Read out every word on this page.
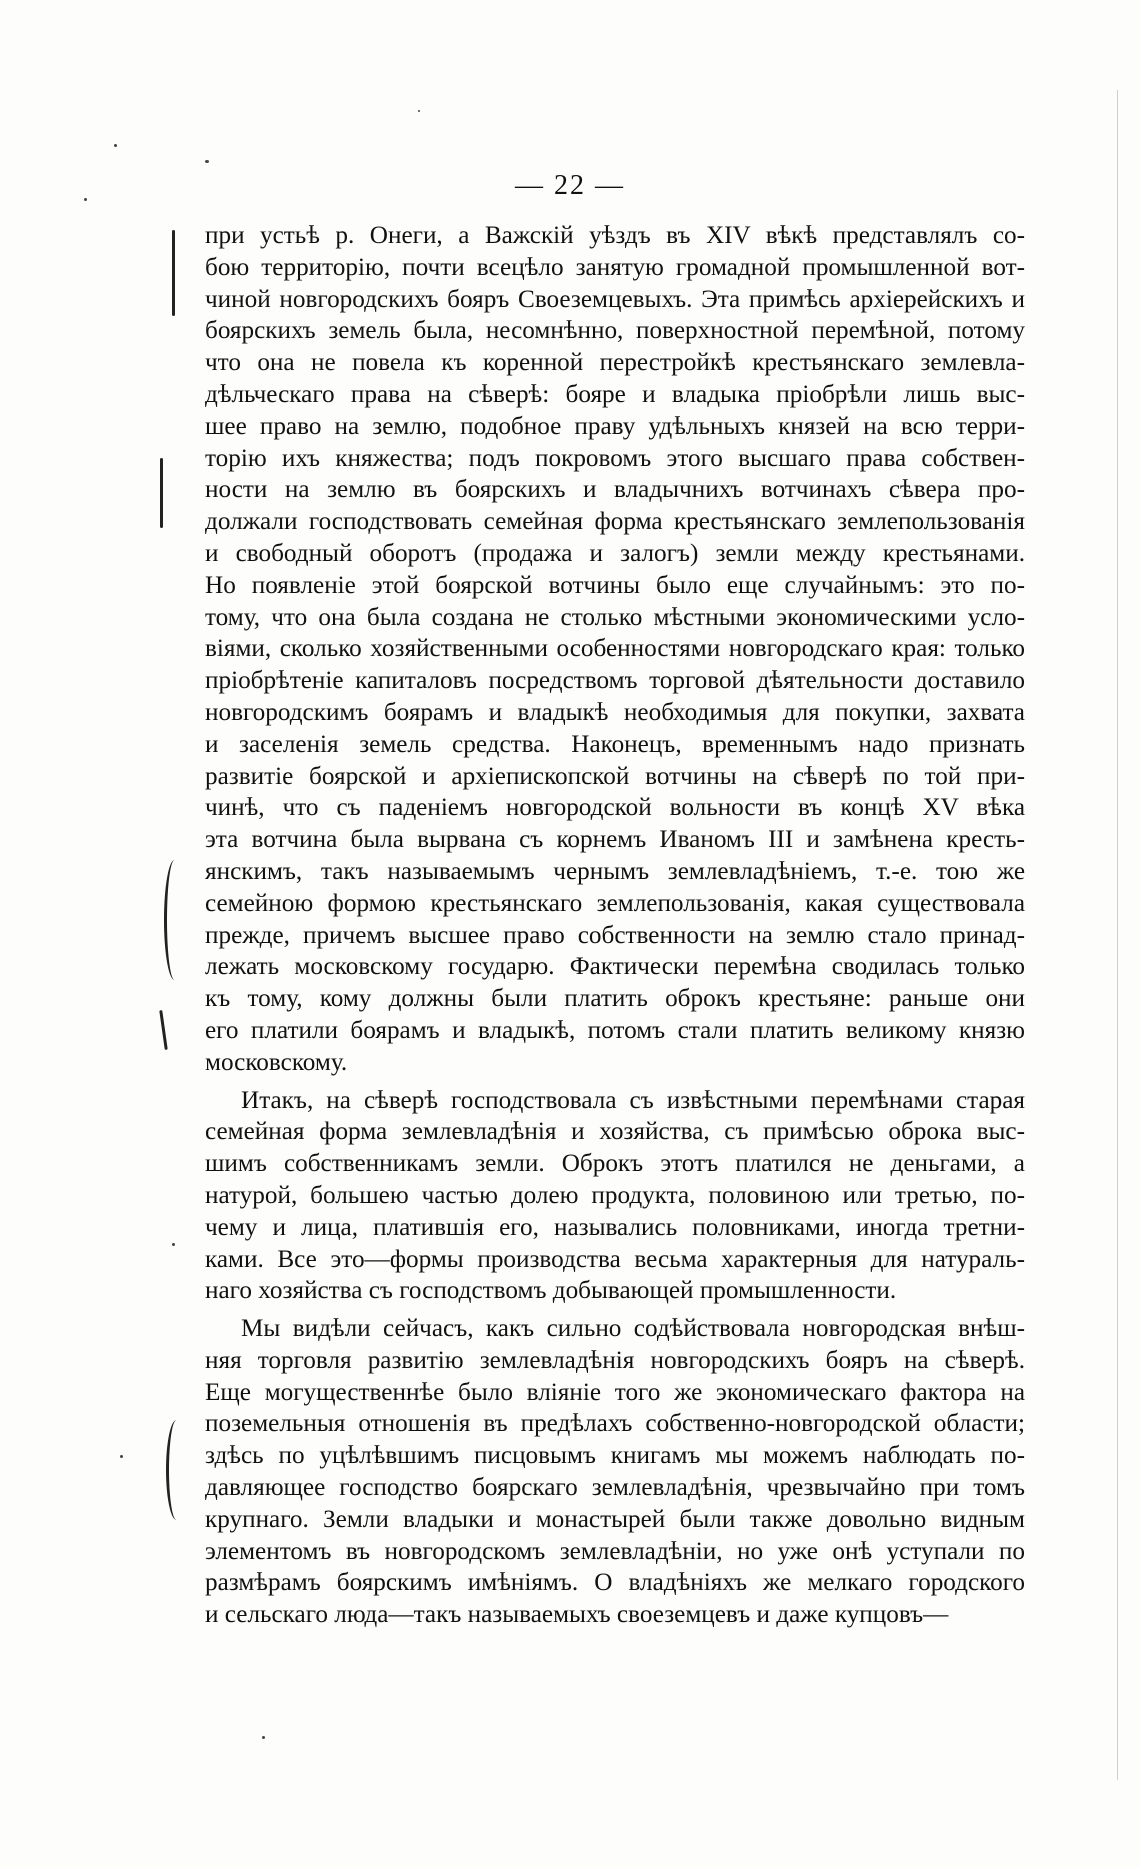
— 22 —
при устьѣ р. Онеги, а Важскій уѣздъ въ XIV вѣкѣ представлялъ со-
бою территорію, почти всецѣло занятую громадной промышленной вот-
чиной новгородскихъ бояръ Своеземцевыхъ. Эта примѣсь архіерейскихъ и
боярскихъ земель была, несомнѣнно, поверхностной перемѣной, потому
что она не повела къ коренной перестройкѣ крестьянскаго землевла-
дѣльческаго права на сѣверѣ: бояре и владыка пріобрѣли лишь выс-
шее право на землю, подобное праву удѣльныхъ князей на всю терри-
торію ихъ княжества; подъ покровомъ этого высшаго права собствен-
ности на землю въ боярскихъ и владычнихъ вотчинахъ сѣвера про-
должали господствовать семейная форма крестьянскаго землепользованія
и свободный оборотъ (продажа и залогъ) земли между крестьянами.
Но появленіе этой боярской вотчины было еще случайнымъ: это по-
тому, что она была создана не столько мѣстными экономическими усло-
віями, сколько хозяйственными особенностями новгородскаго края: только
пріобрѣтеніе капиталовъ посредствомъ торговой дѣятельности доставило
новгородскимъ боярамъ и владыкѣ необходимыя для покупки, захвата
и заселенія земель средства. Наконецъ, временнымъ надо признать
развитіе боярской и архіепископской вотчины на сѣверѣ по той при-
чинѣ, что съ паденіемъ новгородской вольности въ концѣ XV вѣка
эта вотчина была вырвана съ корнемъ Иваномъ III и замѣнена кресть-
янскимъ, такъ называемымъ чернымъ землевладѣніемъ, т.-е. тою же
семейною формою крестьянскаго землепользованія, какая существовала
прежде, причемъ высшее право собственности на землю стало принад-
лежать московскому государю. Фактически перемѣна сводилась только
къ тому, кому должны были платить оброкъ крестьяне: раньше они
его платили боярамъ и владыкѣ, потомъ стали платить великому князю
московскому.
Итакъ, на сѣверѣ господствовала съ извѣстными перемѣнами старая
семейная форма землевладѣнія и хозяйства, съ примѣсью оброка выс-
шимъ собственникамъ земли. Оброкъ этотъ платился не деньгами, а
натурой, большею частью долею продукта, половиною или третью, по-
чему и лица, платившія его, назывались половниками, иногда третни-
ками. Все это—формы производства весьма характерныя для натураль-
наго хозяйства съ господствомъ добывающей промышленности.
Мы видѣли сейчасъ, какъ сильно содѣйствовала новгородская внѣш-
няя торговля развитію землевладѣнія новгородскихъ бояръ на сѣверѣ.
Еще могущественнѣе было вліяніе того же экономическаго фактора на
поземельныя отношенія въ предѣлахъ собственно-новгородской области;
здѣсь по уцѣлѣвшимъ писцовымъ книгамъ мы можемъ наблюдать по-
давляющее господство боярскаго землевладѣнія, чрезвычайно при томъ
крупнаго. Земли владыки и монастырей были также довольно видным
элементомъ въ новгородскомъ землевладѣніи, но уже онѣ уступали по
размѣрамъ боярскимъ имѣніямъ. О владѣніяхъ же мелкаго городского
и сельскаго люда—такъ называемыхъ своеземцевъ и даже купцовъ—
